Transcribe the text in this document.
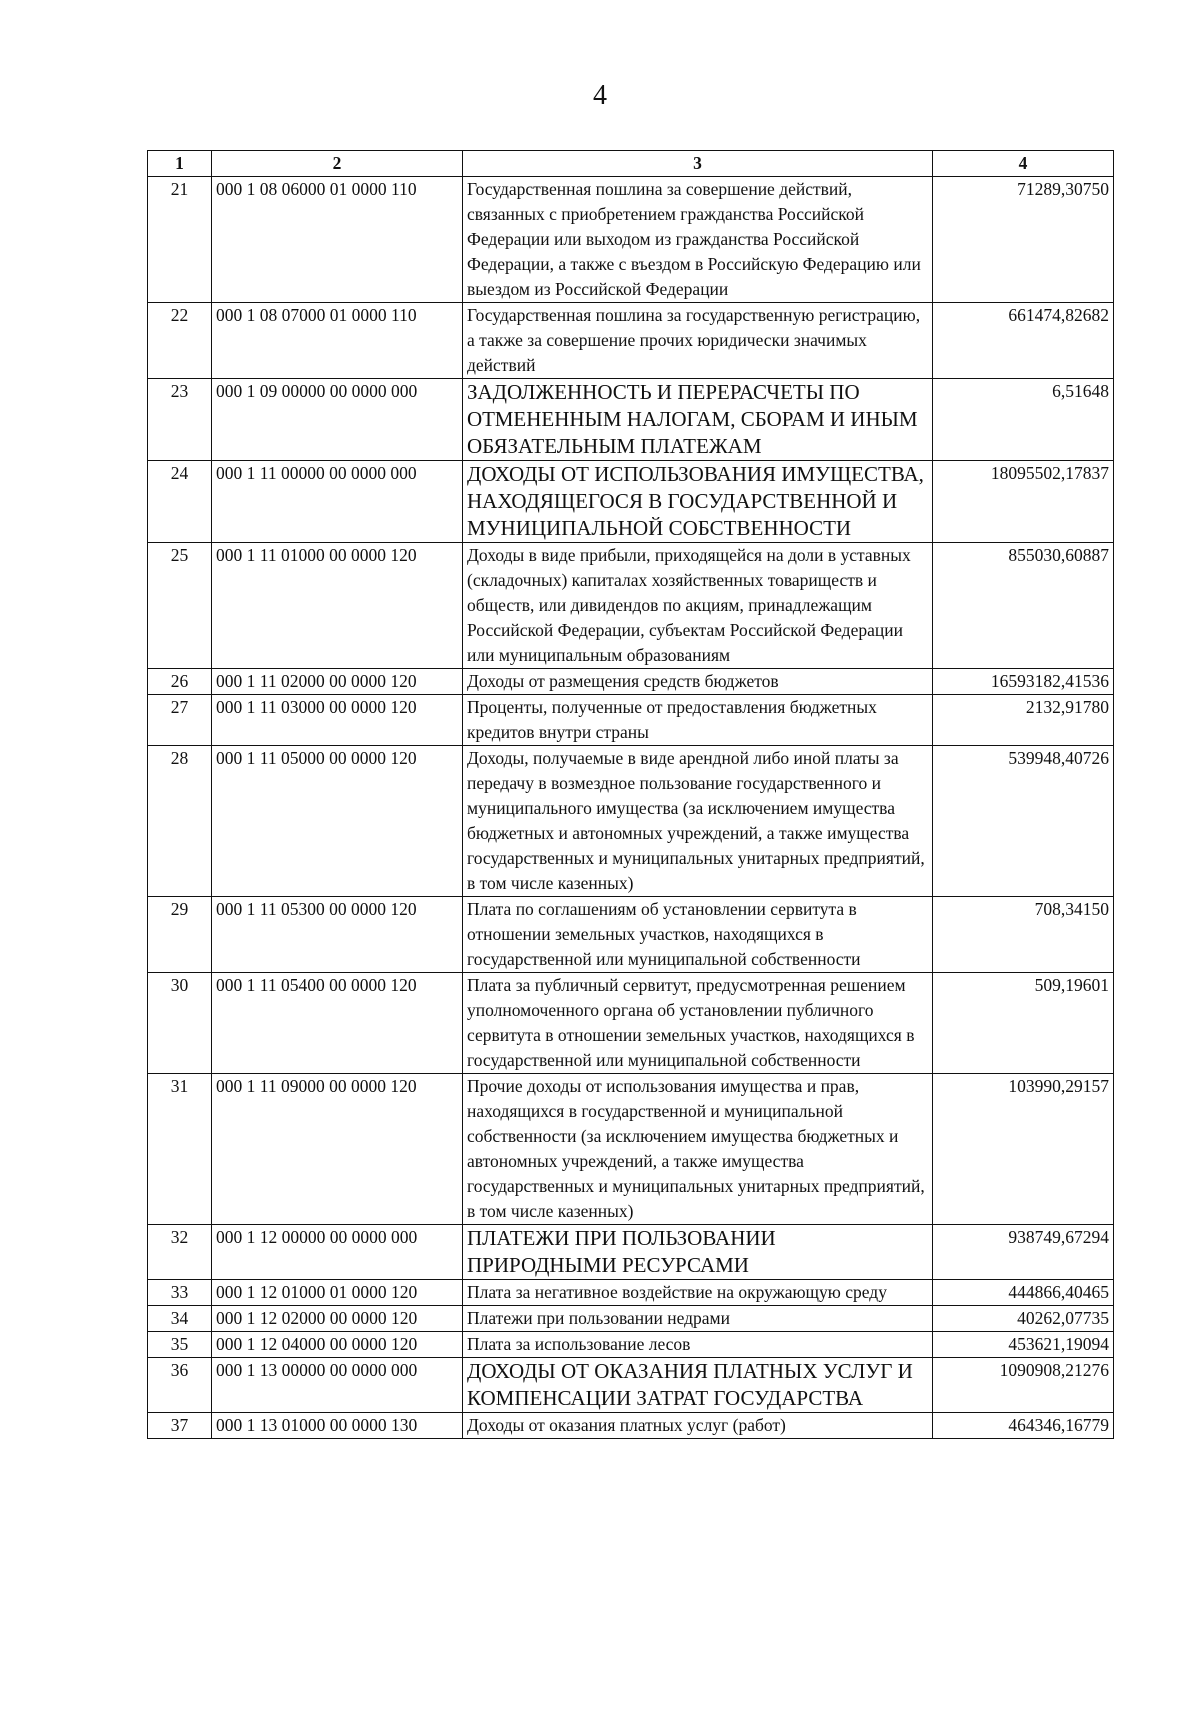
4
1	2	3	4
21	000 1 08 06000 01 0000 110	Государственная пошлина за совершение действий, связанных с приобретением гражданства Российской Федерации или выходом из гражданства Российской Федерации, а также с въездом в Российскую Федерацию или выездом из Российской Федерации	71289,30750
22	000 1 08 07000 01 0000 110	Государственная пошлина за государственную регистрацию, а также за совершение прочих юридически значимых действий	661474,82682
23	000 1 09 00000 00 0000 000	ЗАДОЛЖЕННОСТЬ И ПЕРЕРАСЧЕТЫ ПО ОТМЕНЕННЫМ НАЛОГАМ, СБОРАМ И ИНЫМ ОБЯЗАТЕЛЬНЫМ ПЛАТЕЖАМ	6,51648
24	000 1 11 00000 00 0000 000	ДОХОДЫ ОТ ИСПОЛЬЗОВАНИЯ ИМУЩЕСТВА, НАХОДЯЩЕГОСЯ В ГОСУДАРСТВЕННОЙ И МУНИЦИПАЛЬНОЙ СОБСТВЕННОСТИ	18095502,17837
25	000 1 11 01000 00 0000 120	Доходы в виде прибыли, приходящейся на доли в уставных (складочных) капиталах хозяйственных товариществ и обществ, или дивидендов по акциям, принадлежащим Российской Федерации, субъектам Российской Федерации или муниципальным образованиям	855030,60887
26	000 1 11 02000 00 0000 120	Доходы от размещения средств бюджетов	16593182,41536
27	000 1 11 03000 00 0000 120	Проценты, полученные от предоставления бюджетных кредитов внутри страны	2132,91780
28	000 1 11 05000 00 0000 120	Доходы, получаемые в виде арендной либо иной платы за передачу в возмездное пользование государственного и муниципального имущества (за исключением имущества бюджетных и автономных учреждений, а также имущества государственных и муниципальных унитарных предприятий, в том числе казенных)	539948,40726
29	000 1 11 05300 00 0000 120	Плата по соглашениям об установлении сервитута в отношении земельных участков, находящихся в государственной или муниципальной собственности	708,34150
30	000 1 11 05400 00 0000 120	Плата за публичный сервитут, предусмотренная решением уполномоченного органа об установлении публичного сервитута в отношении земельных участков, находящихся в государственной или муниципальной собственности	509,19601
31	000 1 11 09000 00 0000 120	Прочие доходы от использования имущества и прав, находящихся в государственной и муниципальной собственности (за исключением имущества бюджетных и автономных учреждений, а также имущества государственных и муниципальных унитарных предприятий, в том числе казенных)	103990,29157
32	000 1 12 00000 00 0000 000	ПЛАТЕЖИ ПРИ ПОЛЬЗОВАНИИ ПРИРОДНЫМИ РЕСУРСАМИ	938749,67294
33	000 1 12 01000 01 0000 120	Плата за негативное воздействие на окружающую среду	444866,40465
34	000 1 12 02000 00 0000 120	Платежи при пользовании недрами	40262,07735
35	000 1 12 04000 00 0000 120	Плата за использование лесов	453621,19094
36	000 1 13 00000 00 0000 000	ДОХОДЫ ОТ ОКАЗАНИЯ ПЛАТНЫХ УСЛУГ И КОМПЕНСАЦИИ ЗАТРАТ ГОСУДАРСТВА	1090908,21276
37	000 1 13 01000 00 0000 130	Доходы от оказания платных услуг (работ)	464346,16779
